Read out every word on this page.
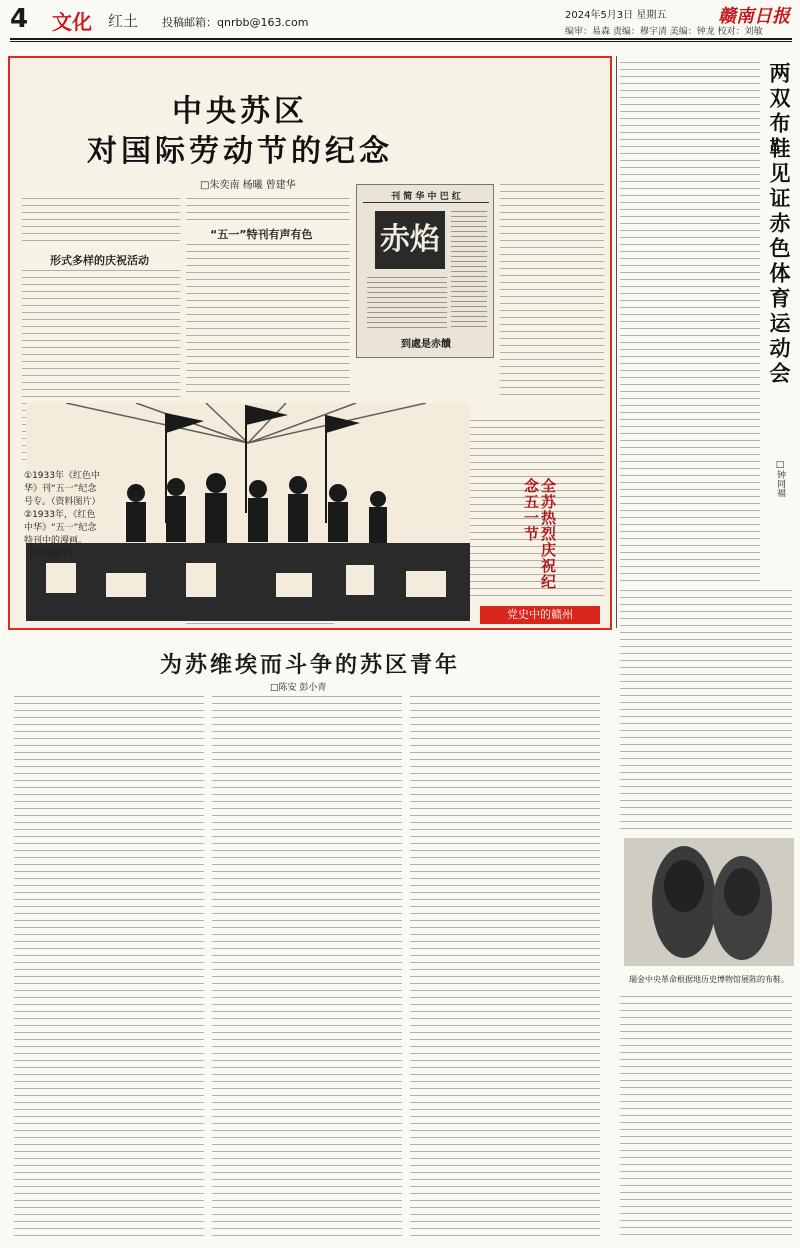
4 文化 红土 投稿邮箱：qnrbb@163.com
2024年5月3日 星期五	赣南日报
编审：易森 责编：穆宇清 美编：钟龙 校对：刘敏
中央苏区
对国际劳动节的纪念
□朱奕南 杨曦 曾建华
形式多样的庆祝活动
“五一”特刊有声有色
刊 简 华 中 巴 红
赤焰
到處是赤饋
①1933年《红色中华》刊“五一”纪念号专。（资料图片）②1933年，《红色中华》“五一”纪念特刊中的漫画。（资料图片）	全苏热烈庆祝纪念五一节
党史中的赣州
两双布鞋见证赤色体育运动会
□钟同福
瑞金中央革命根据地历史博物馆展陈的布鞋。
为苏维埃而斗争的苏区青年
□陈安 彭小青
